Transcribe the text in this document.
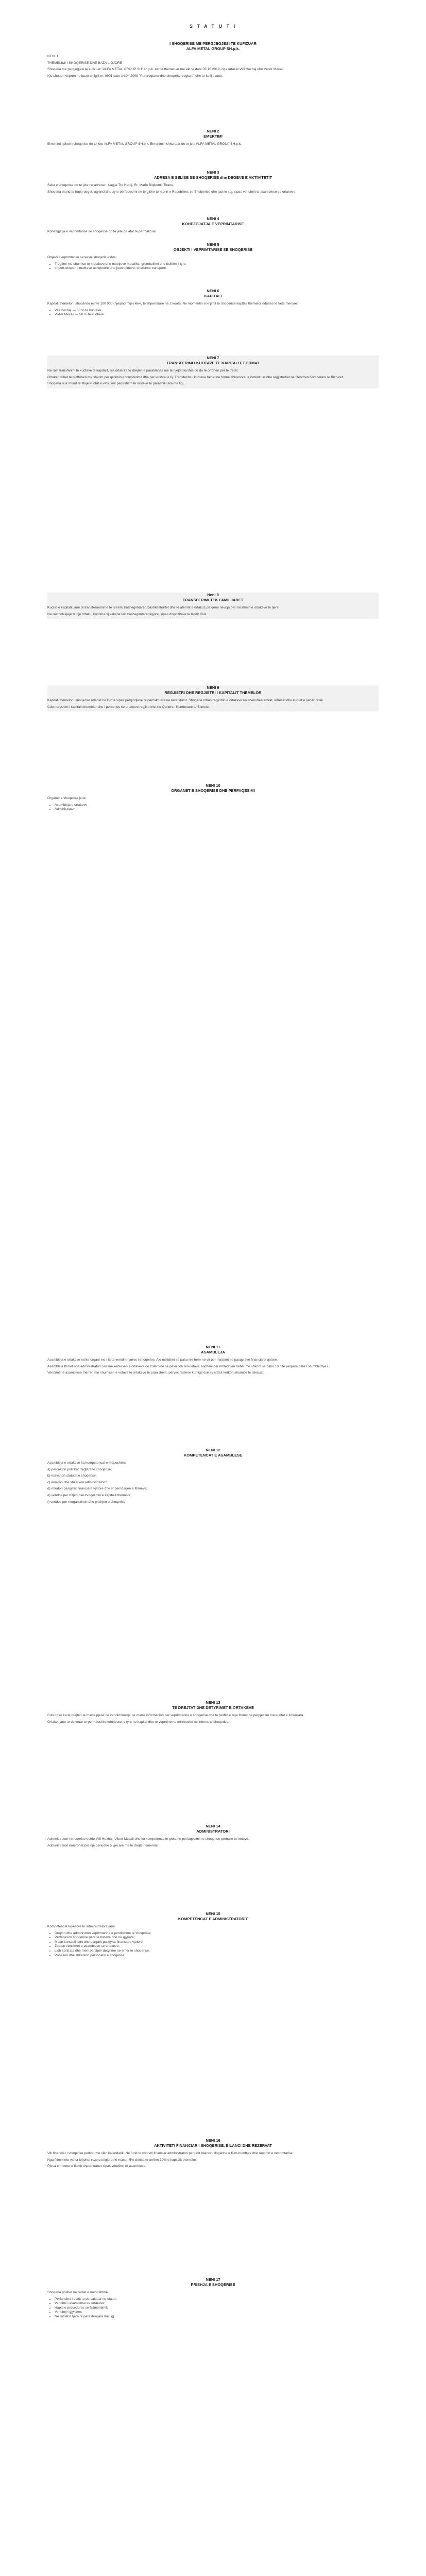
S T A T U T I
I SHOQERISE ME PERGJEGJESI TE KUFIZUAR
ALFA METAL GROUP SH.p.k.

NENI 1

THEMELIMI I SHOQERISE DHE BAZA LIGJORE

Shoqeria me pergjegjesi te kufizuar "ALFA METAL GROUP SH" sh.p.k. eshte themeluar me akt te date 03.10.2019, nga ortaket Vllii Hoxhaj dhe Viktor Mecali.

Kjo shoqeri vepron ne baze te ligjit nr. 9901 date 14.04.2008 "Per tregtaret dhe shoqerite tregtare" dhe te ketij statuti.

NENI 2
EMERTIMI

Emertimi i plote i shoqerise do te jete ALFA METAL GROUP SH.p.k. Emertimi i shkurtuar do te jete ALFA METAL GROUP SH.p.k.

NENI 3
ADRESA E SELISE SE SHOQERISE dhe DEGEVE E AKTIVITETIT

Selia e shoqerise do te jete ne adresen: Lagjja Tre Heroj, Rr. Marin Biqikemi, Tirane.

Shoqeria mund te hape deget, agjenci dhe zyre perfaqesimi ne te gjithe territorin e Republikes se Shqiperise dhe jashte saj, sipas vendimit te asamblese se ortakeve.

NENI 4
KOHEZGJATJA E VEPRIMTARISE

Kohezgjatja e veprimtarise se shoqerise do te jete pa afat te perrcaktuar.

NENI 5
OBJEKTI I VEPRIMTARISE SE SHOQERISE

Objekti i veprimtarise se kesaj shoqerie eshte:

• Tregtimi me shumice te metaleve dhe mbetjeve metalike, grumbullimi dhe riciklimi i tyre.
• Import-eksport i mallrave ushqimore dhe joushqimore, sherbime transporti.
NENI 6
KAPITALI

Kapitali themelor i shoqerise eshte 100 000 (njeqind mije) leke, te shperndare ne 2 kuota. Ne momentin e krijimit te shoqerise kapitali themelor ndahet ne kete menyre:

• Vllii Hoxhaj — 50 % te kuotave
• Viktor Mecali — 50 % te kuotave
NENI 7
TRANSFERIMI I KUOTAVE TE KAPITALIT, FORMAT

Ne rast transferimi te kuotave te kapitalit, nje ortak ka te drejten e parablerjes me te njejtat kushte qe do te ofrohen per te tretet.

Ortaket duhet te njoftohen me shkrim per qellimin e transferimit dhe per kushtet e tij. Transferimi i kuotave behet ne forme shkresore te noterizuar dhe regjistrohet ne Qendren Kombetare te Biznesit.

Shoqeria nuk mund te fitoje kuotat e veta, me perjashtim te rasteve te parashikuara me ligj.

Neni 8
TRANSFERIMI TEK FAMILJARET

Kuotat e kapitalit jane te transferueshme te lira tek trashegimtaret, bashkeshortet dhe te afermit e ortakut, pa qene nevoja per miratimin e ortakeve te tjere.

Ne rast vdekjeje te nje ortaku, kuotat e tij kalojne tek trashegimtaret ligjore, sipas dispozitave te Kodit Civil.

NENI 9
REGJISTRI DHE REGJISTRI I KAPITALIT THEMELOR

Kapitali themelor i shoqerise ndahet ne kuota sipas perqindjeve te percaktuara ne kete statut. Shoqeria mban regjistrin e ortakeve ku shenohen emrat, adresat dhe kuotat e secilit ortak.

Cdo ndryshim i kapitalit themelor dhe i perberjes se ortakeve regjistrohet ne Qendren Kombetare te Biznesit.

NENI 10
ORGANET E SHOQERISE DHE PERFAQESIMI

Organet e shoqerise jane:

• Asambleja e ortakeve
• Administratori
NENI 11
ASAMBLEJA

Asambleja e ortakeve eshte organi me i larte vendimmarres i shoqerise. Ajo mblidhet se paku nje here ne vit per miratimin e pasqyrave financiare vjetore.

Asambleja thirret nga administratori ose me kerkesen e ortakeve qe zoterojne se paku 5% te kuotave. Njoftimi per mbledhjen behet me shkrim se paku 10 dite perpara dates se mbledhjes.

Vendimet e asamblese merren me shumicen e votave te ortakeve te pranishem, pervec rasteve kur ligji ose ky statut kerkon shumice te cilesuar.

NENI 12
KOMPETENCAT E ASAMBLESE

Asambleja e ortakeve ka kompetencat e meposhtme:

a) percakton politikat tregtare te shoqerise;

b) ndryshon statutin e shoqerise;

c) emeron dhe shkarkon administratorin;

d) miraton pasqyrat financiare vjetore dhe shperndarjen e fitimeve;

e) vendos per rritjen ose zvogelimin e kapitalit themelor;

f) vendos per riorganizimin dhe prishjen e shoqerise.

NENI 13
TE DREJTAT DHE DETYRIMET E ORTAKEVE

Cdo ortak ka te drejten te marre pjese ne vendimmarrje, te marre informacion per veprimtarine e shoqerise dhe te perfitoje nga fitimet ne perpjestim me kuotat e zoteruara.

Ortaket jane te detyruar te permbushin kontributet e tyre ne kapital dhe te veprojne ne mirebesim ne interes te shoqerise.

NENI 14
ADMINISTRATORI

Administratori i shoqerise eshte Vllii Hoxhaj, Viktor Mecali dhe ka kompetenca te plota ne perfaqesimin e shoqerise perballe te treteve.

Administratori emerohet per nje periudhe 5 vjecare me te drejte riemerimi.

NENI 15
KOMPETENCAT E ADMINISTRATORIT

Kompetencat kryesore te administratorit jane:

• Drejton dhe administron veprimtarine e perditshme te shoqerise;
• Perfaqeson shoqerine para te treteve dhe ne gjykata;
• Mban kontabilitetin dhe pergatit pasqyrat financiare vjetore;
• Zbaton vendimet e asamblese se ortakeve;
• Lidh kontrata dhe merr persipër detyrime ne emer te shoqerise;
• Punëson dhe shkarkon personelin e shoqerise.
NENI 16
AKTIVITETI FINANCIAR I SHOQERISE, BILANCI DHE REZERVAT

Viti financiar i shoqerise perkon me vitin kalendarik. Ne fund te cdo viti financiar administratori pergatit bilancin, llogarine e fitim-humbjes dhe raportin e veprimtarise.

Nga fitimi neto vjetor krijohet rezerva ligjore ne masen 5% derisa te arrihet 10% e kapitalit themelor.

Pjesa e mbetur e fitimit shperndahet sipas vendimit te asamblese.

NENI 17
PRISHJA E SHOQERISE

Shoqeria prishet ne rastet e meposhtme:

• Perfundimi i afatit te percaktuar ne statut;
• Vendimi i asamblese se ortakeve;
• Hapja e procedures se falimentimit;
• Vendimi i gjykates;
• Ne rastet e tjera te parashikuara me ligj.
